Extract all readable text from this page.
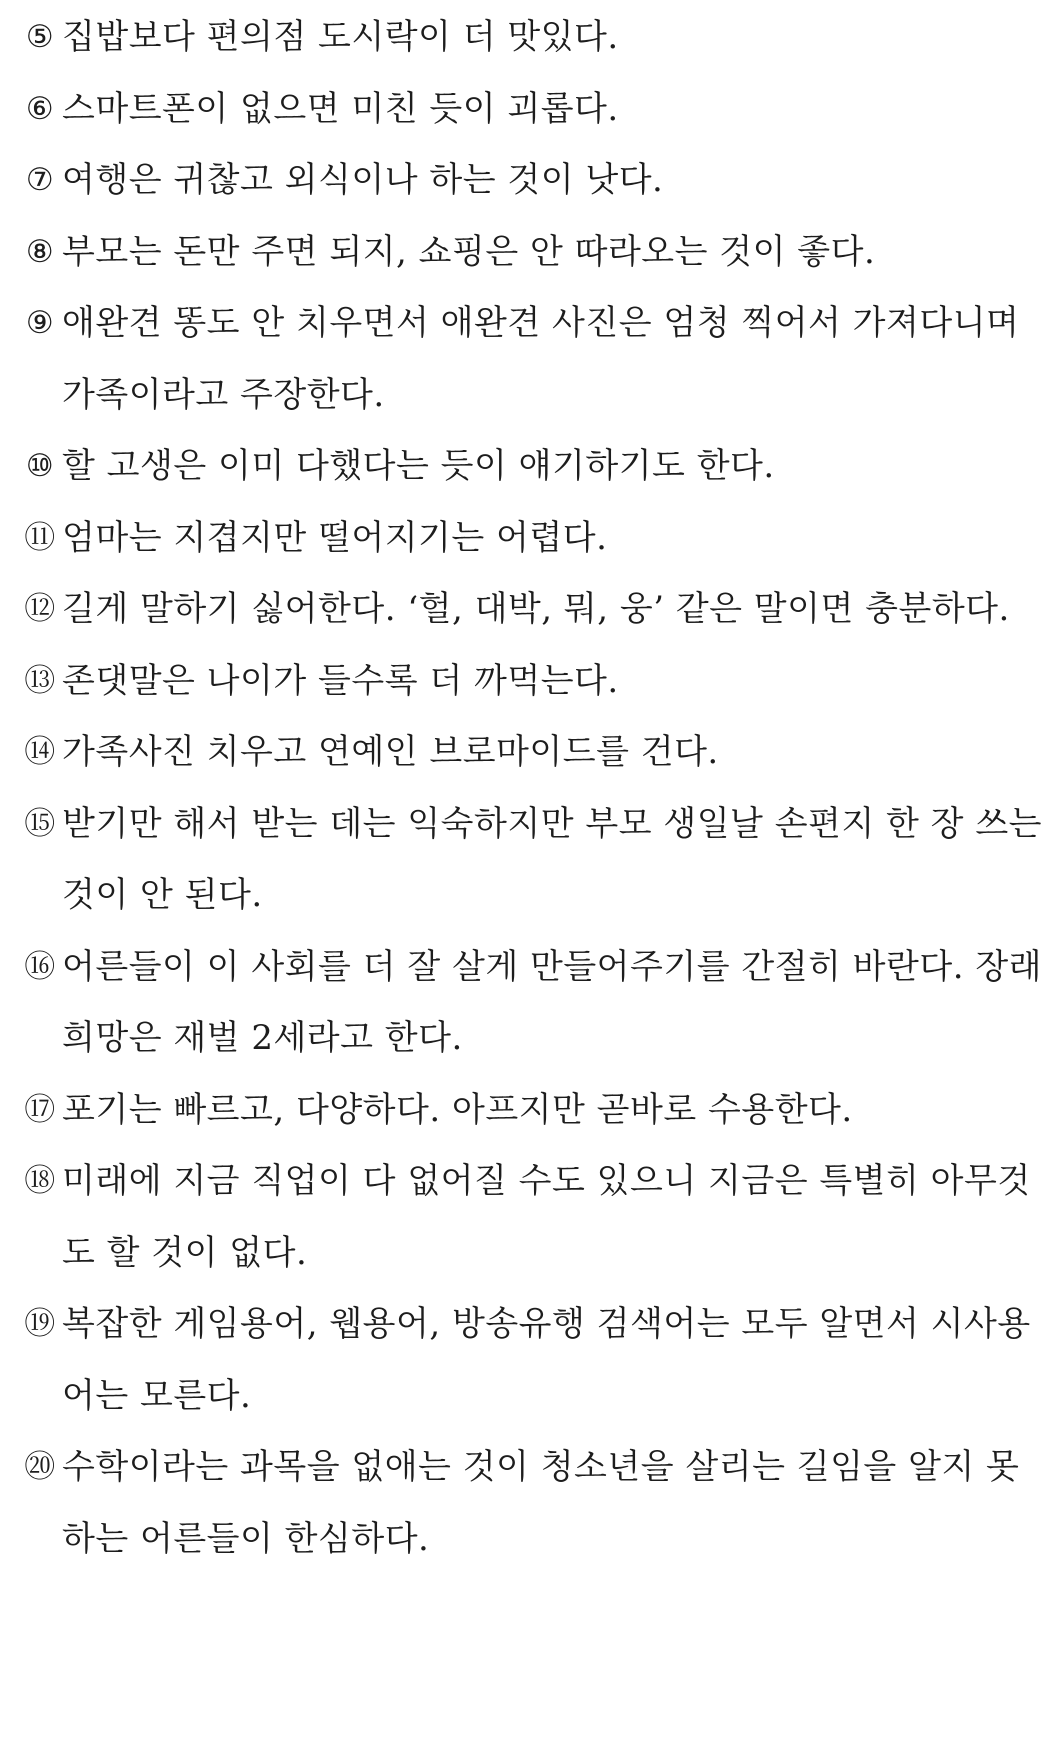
⑤ 집밥보다 편의점 도시락이 더 맛있다.
⑥ 스마트폰이 없으면 미친 듯이 괴롭다.
⑦ 여행은 귀찮고 외식이나 하는 것이 낫다.
⑧ 부모는 돈만 주면 되지, 쇼핑은 안 따라오는 것이 좋다.
⑨ 애완견 똥도 안 치우면서 애완견 사진은 엄청 찍어서 가져다니며
가족이라고 주장한다.
⑩ 할 고생은 이미 다했다는 듯이 얘기하기도 한다.
⑪ 엄마는 지겹지만 떨어지기는 어렵다.
⑫ 길게 말하기 싫어한다. ‘헐, 대박, 뭐, 웅’ 같은 말이면 충분하다.
⑬ 존댓말은 나이가 들수록 더 까먹는다.
⑭ 가족사진 치우고 연예인 브로마이드를 건다.
⑮ 받기만 해서 받는 데는 익숙하지만 부모 생일날 손편지 한 장 쓰는
것이 안 된다.
⑯ 어른들이 이 사회를 더 잘 살게 만들어주기를 간절히 바란다. 장래
희망은 재벌 2세라고 한다.
⑰ 포기는 빠르고, 다양하다. 아프지만 곧바로 수용한다.
⑱ 미래에 지금 직업이 다 없어질 수도 있으니 지금은 특별히 아무것
도 할 것이 없다.
⑲ 복잡한 게임용어, 웹용어, 방송유행 검색어는 모두 알면서 시사용
어는 모른다.
⑳ 수학이라는 과목을 없애는 것이 청소년을 살리는 길임을 알지 못
하는 어른들이 한심하다.
